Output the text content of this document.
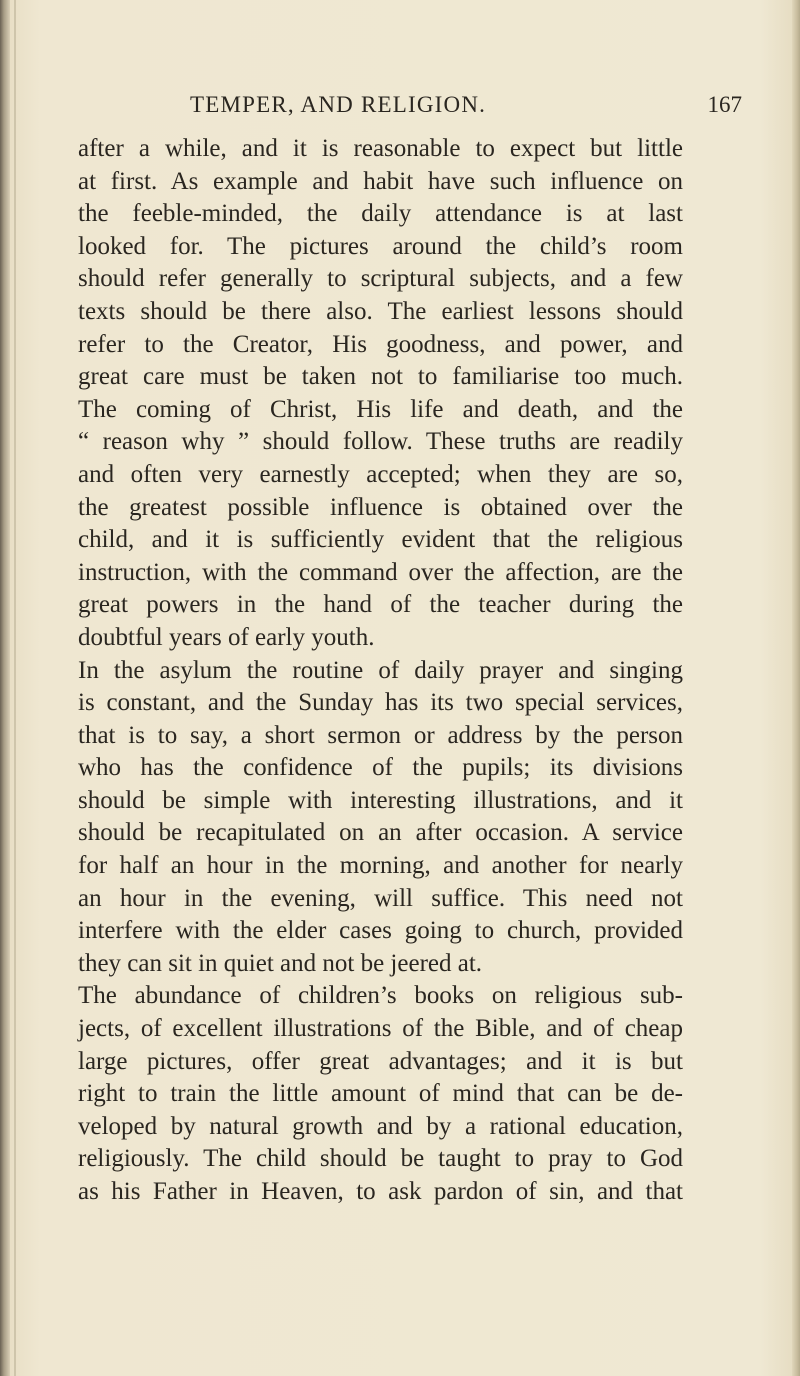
TEMPER, AND RELIGION.	167
after a while, and it is reasonable to expect but little
at first. As example and habit have such influence on
the feeble-minded, the daily attendance is at last
looked for. The pictures around the child’s room
should refer generally to scriptural subjects, and a few
texts should be there also. The earliest lessons should
refer to the Creator, His goodness, and power, and
great care must be taken not to familiarise too much.
The coming of Christ, His life and death, and the
“ reason why ” should follow. These truths are readily
and often very earnestly accepted; when they are so,
the greatest possible influence is obtained over the
child, and it is sufficiently evident that the religious
instruction, with the command over the affection, are the
great powers in the hand of the teacher during the
doubtful years of early youth.
In the asylum the routine of daily prayer and singing
is constant, and the Sunday has its two special services,
that is to say, a short sermon or address by the person
who has the confidence of the pupils; its divisions
should be simple with interesting illustrations, and it
should be recapitulated on an after occasion. A service
for half an hour in the morning, and another for nearly
an hour in the evening, will suffice. This need not
interfere with the elder cases going to church, provided
they can sit in quiet and not be jeered at.
The abundance of children’s books on religious sub-
jects, of excellent illustrations of the Bible, and of cheap
large pictures, offer great advantages; and it is but
right to train the little amount of mind that can be de-
veloped by natural growth and by a rational education,
religiously. The child should be taught to pray to God
as his Father in Heaven, to ask pardon of sin, and that
